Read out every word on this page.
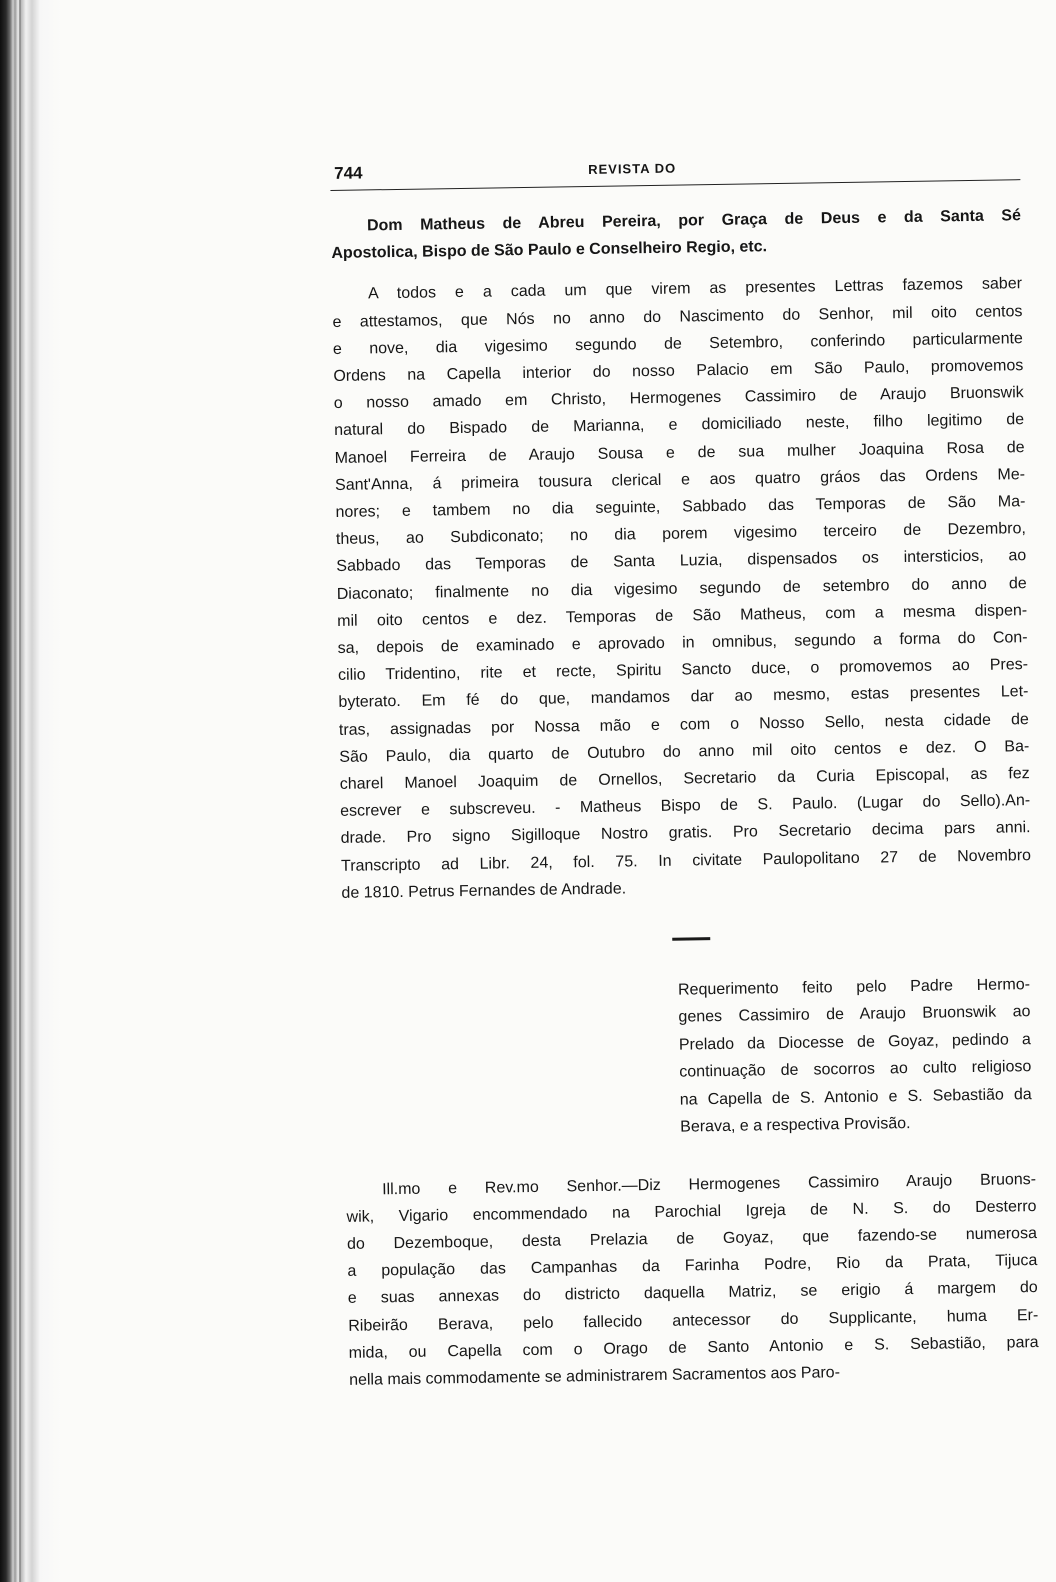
744	REVISTA DO
Dom Matheus de Abreu Pereira, por Graça de Deus e da Santa Sé
Apostolica, Bispo de São Paulo e Conselheiro Regio, etc.
A todos e a cada um que virem as presentes Lettras fazemos saber
e attestamos, que Nós no anno do Nascimento do Senhor, mil oito centos
e nove, dia vigesimo segundo de Setembro, conferindo particularmente
Ordens na Capella interior do nosso Palacio em São Paulo, promovemos
o nosso amado em Christo, Hermogenes Cassimiro de Araujo Bruonswik
natural do Bispado de Marianna, e domiciliado neste, filho legitimo de
Manoel Ferreira de Araujo Sousa e de sua mulher Joaquina Rosa de
Sant'Anna, á primeira tousura clerical e aos quatro gráos das Ordens Me-
nores; e tambem no dia seguinte, Sabbado das Temporas de São Ma-
theus, ao Subdiconato; no dia porem vigesimo terceiro de Dezembro,
Sabbado das Temporas de Santa Luzia, dispensados os intersticios, ao
Diaconato; finalmente no dia vigesimo segundo de setembro do anno de
mil oito centos e dez. Temporas de São Matheus, com a mesma dispen-
sa, depois de examinado e aprovado in omnibus, segundo a forma do Con-
cilio Tridentino, rite et recte, Spiritu Sancto duce, o promovemos ao Pres-
byterato. Em fé do que, mandamos dar ao mesmo, estas presentes Let-
tras, assignadas por Nossa mão e com o Nosso Sello, nesta cidade de
São Paulo, dia quarto de Outubro do anno mil oito centos e dez. O Ba-
charel Manoel Joaquim de Ornellos, Secretario da Curia Episcopal, as fez
escrever e subscreveu. - Matheus Bispo de S. Paulo. (Lugar do Sello).An-
drade. Pro signo Sigilloque Nostro gratis. Pro Secretario decima pars anni.
Transcripto ad Libr. 24, fol. 75. In civitate Paulopolitano 27 de Novembro
de 1810. Petrus Fernandes de Andrade.
Requerimento feito pelo Padre Hermo-
genes Cassimiro de Araujo Bruonswik ao
Prelado da Diocesse de Goyaz, pedindo a
continuação de socorros ao culto religioso
na Capella de S. Antonio e S. Sebastião da
Berava, e a respectiva Provisão.
Ill.mo e Rev.mo Senhor.—Diz Hermogenes Cassimiro Araujo Bruons-
wik, Vigario encommendado na Parochial Igreja de N. S. do Desterro
do Dezemboque, desta Prelazia de Goyaz, que fazendo-se numerosa
a população das Campanhas da Farinha Podre, Rio da Prata, Tijuca
e suas annexas do districto daquella Matriz, se erigio á margem do
Ribeirão Berava, pelo fallecido antecessor do Supplicante, huma Er-
mida, ou Capella com o Orago de Santo Antonio e S. Sebastião, para
nella mais commodamente se administrarem Sacramentos aos Paro-
